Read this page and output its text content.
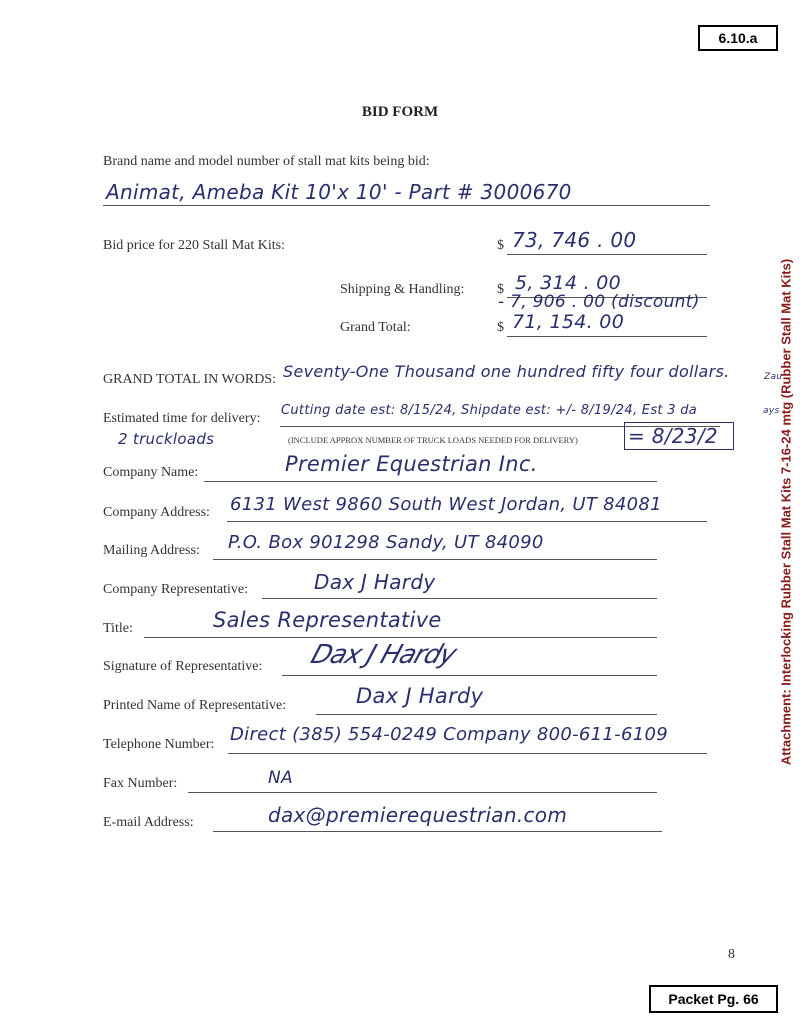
6.10.a
Packet Pg. 66
Attachment: Interlocking Rubber Stall Mat Kits 7-16-24 mtg (Rubber Stall Mat Kits)
BID FORM
Brand name and model number of stall mat kits being bid:
Animat, Ameba Kit 10'x 10' - Part # 3000670
Bid price for 220 Stall Mat Kits:	$ 73, 746 . 00
Shipping & Handling: $ 5, 314 . 00
- 7, 906 . 00 (discount)
Grand Total:	$ 71, 154. 00
GRAND TOTAL IN WORDS: Seventy-One Thousand one hundred fifty four dollars.	Zau
Estimated time for delivery:
Cutting date est: 8/15/24, Shipdate est: +/- 8/19/24, Est 3 da	ays
2 truckloads	(INCLUDE APPROX NUMBER OF TRUCK LOADS NEEDED FOR DELIVERY)	= 8/23/2
Company Name:	Premier Equestrian Inc.
Company Address: 6131 West 9860 South West Jordan, UT 84081
Mailing Address: P.O. Box 901298 Sandy, UT 84090
Company Representative:	Dax J Hardy
Title:	Sales Representative
Signature of Representative: Dax J Hardy
Printed Name of Representative:	Dax J Hardy
Telephone Number: Direct (385) 554-0249 Company 800-611-6109
Fax Number:	NA
E-mail Address:	dax@premierequestrian.com
8
